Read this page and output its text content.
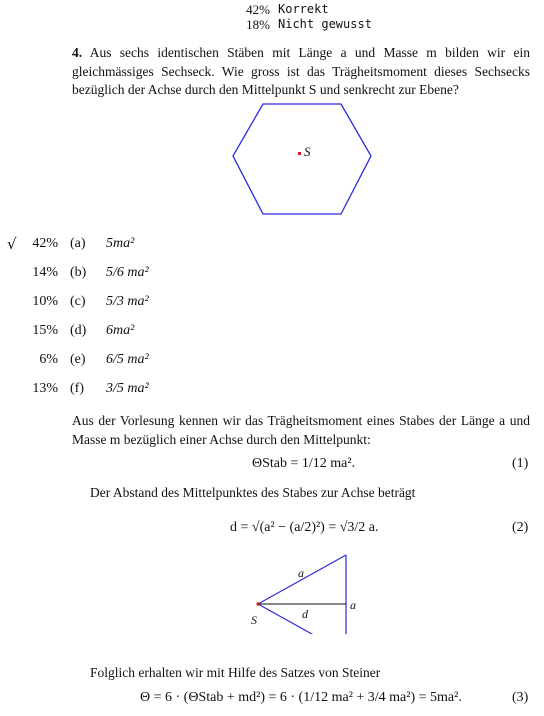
42% Korrekt
18% Nicht gewusst
4. Aus sechs identischen Stäben mit Länge a und Masse m bilden wir ein gleichmässiges Sechseck. Wie gross ist das Trägheitsmoment dieses Sechsecks bezüglich der Achse durch den Mittelpunkt S und senkrecht zur Ebene?
S
√	42% (a) 5ma²
14% (b) 5/6 ma²
10% (c) 5/3 ma²
15% (d) 6ma²
6% (e) 6/5 ma²
13% (f) 3/5 ma²
Aus der Vorlesung kennen wir das Trägheitsmoment eines Stabes der Länge a und Masse m bezüglich einer Achse durch den Mittelpunkt:
ΘStab = 1/12 ma².	(1)
Der Abstand des Mittelpunktes des Stabes zur Achse beträgt
d = √(a² − (a/2)²) = √3/2 a.	(2)
a
d
a
S
Folglich erhalten wir mit Hilfe des Satzes von Steiner
Θ = 6 · (ΘStab + md²) = 6 · (1/12 ma² + 3/4 ma²) = 5ma².	(3)
